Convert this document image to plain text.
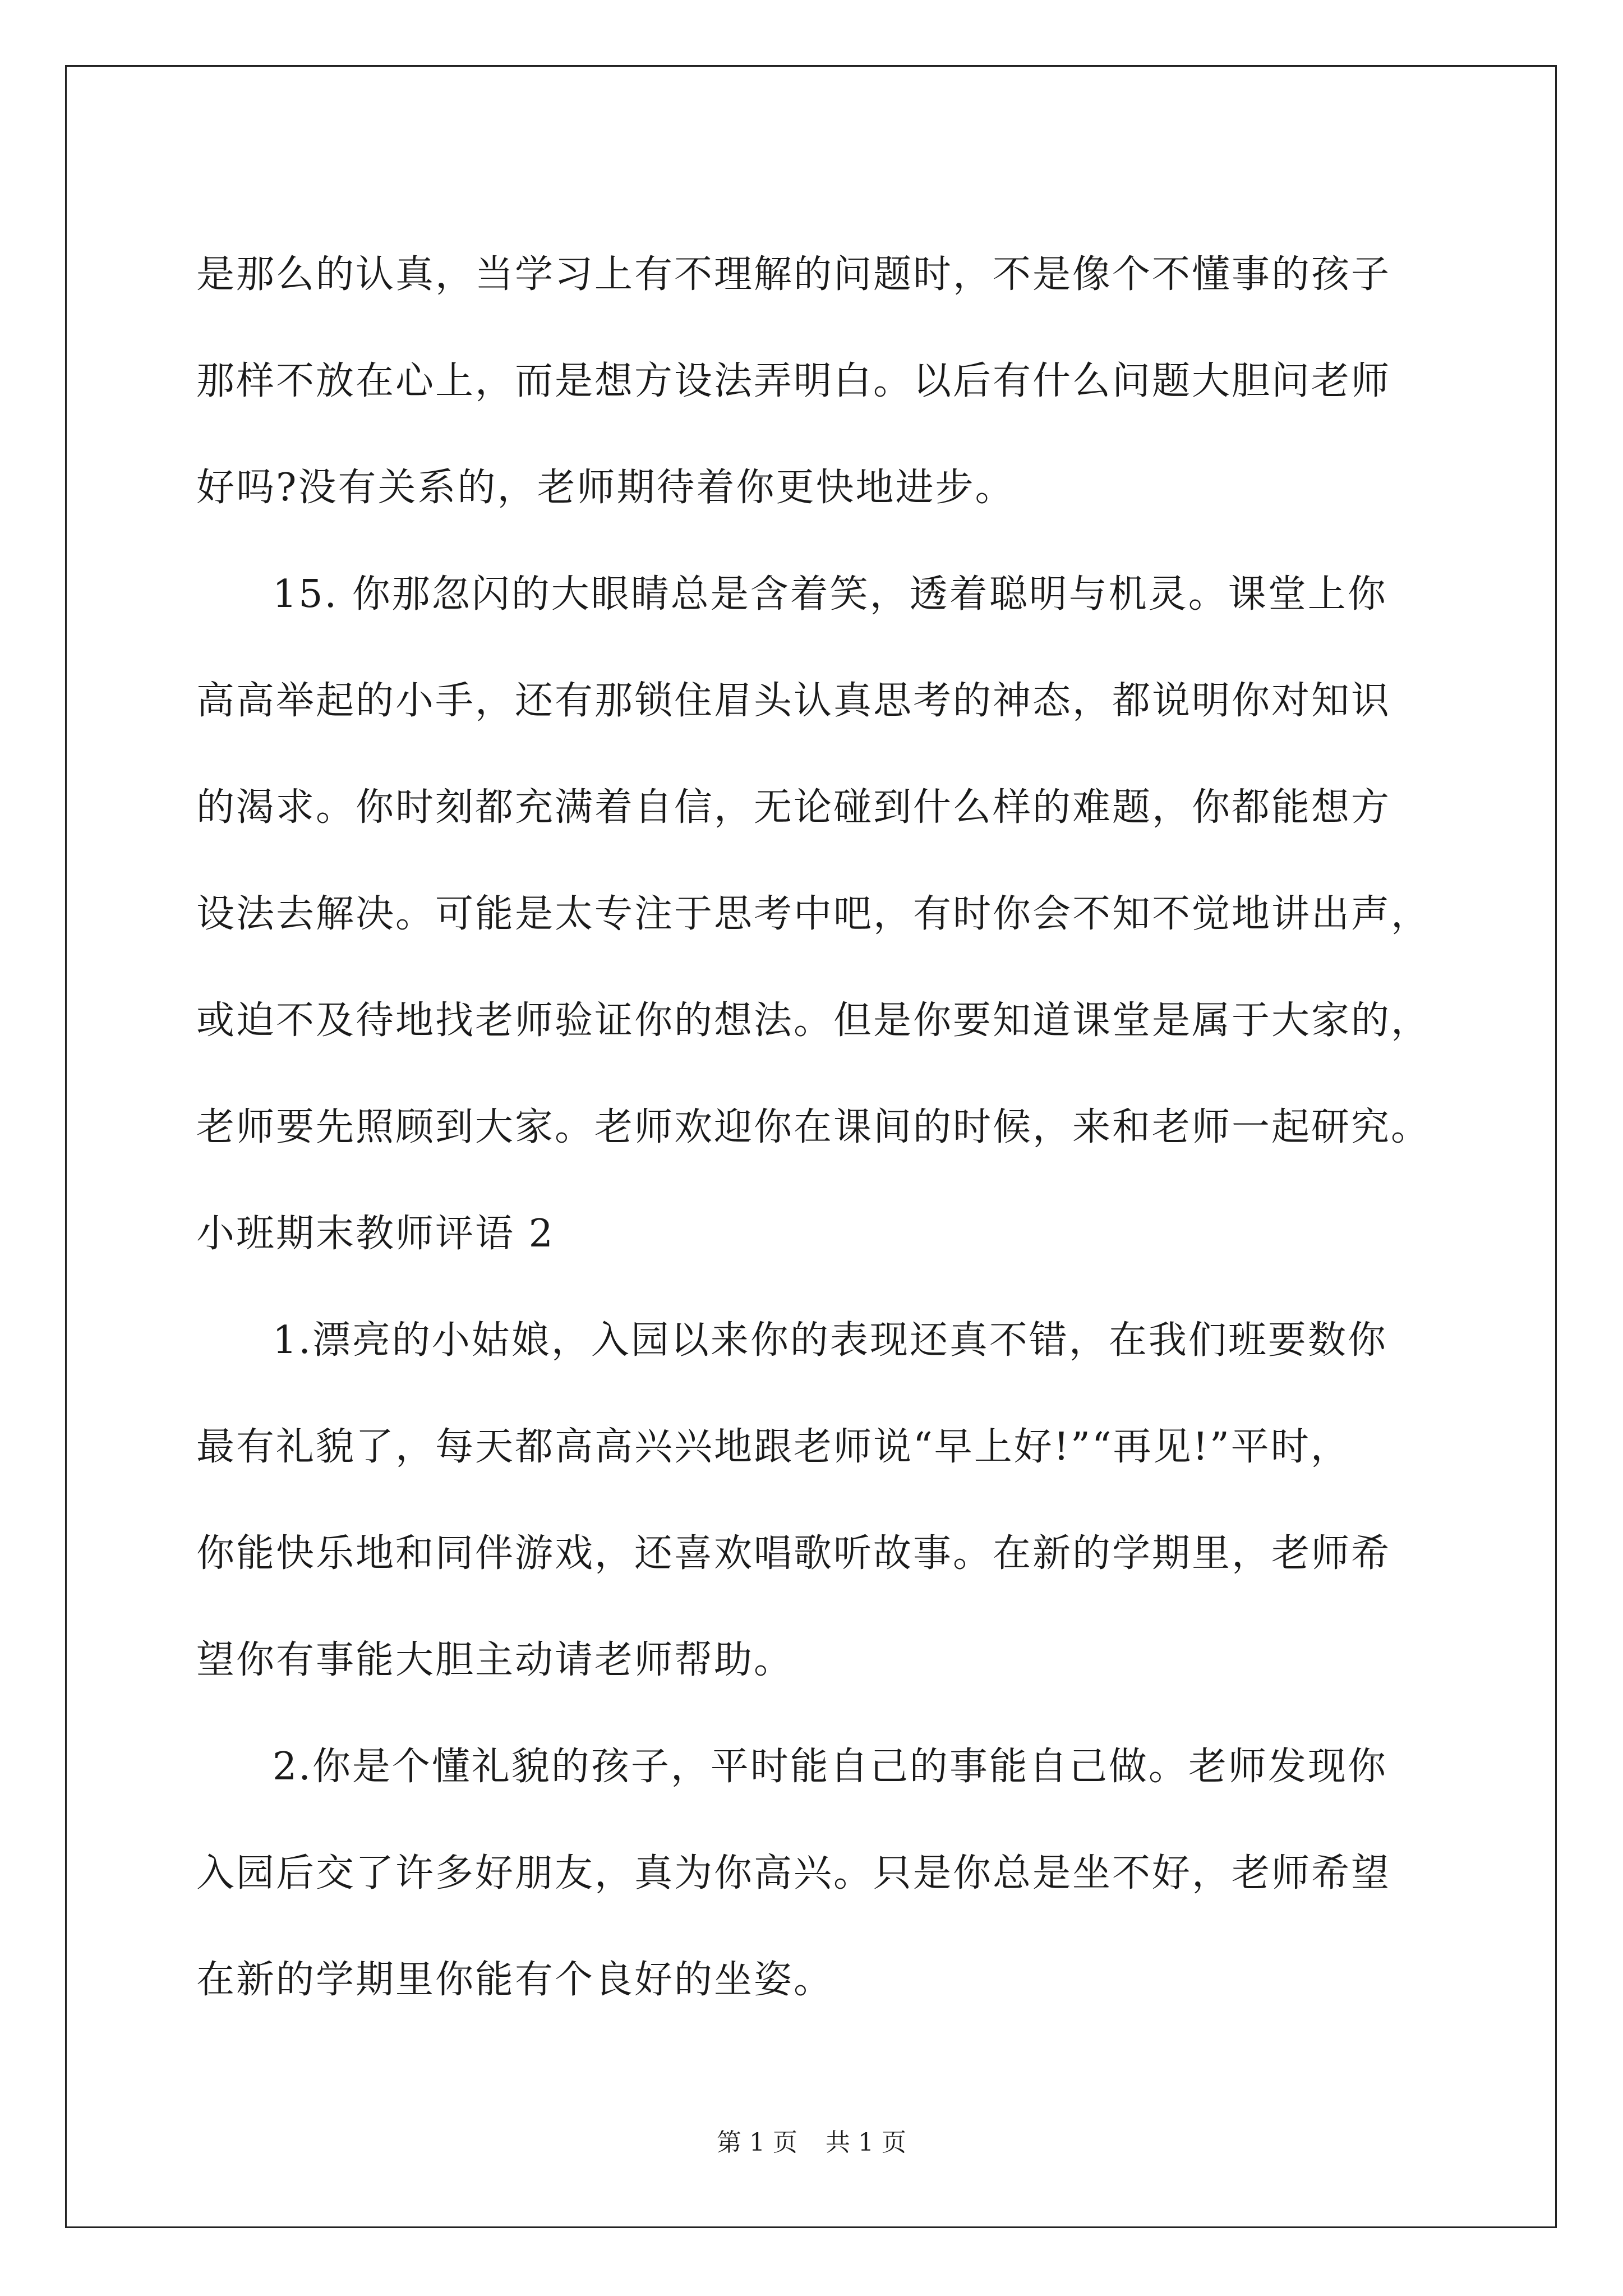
是那么的认真，当学习上有不理解的问题时，不是像个不懂事的孩子

那样不放在心上，而是想方设法弄明白。以后有什么问题大胆问老师

好吗?没有关系的，老师期待着你更快地进步。

15. 你那忽闪的大眼睛总是含着笑，透着聪明与机灵。课堂上你

高高举起的小手，还有那锁住眉头认真思考的神态，都说明你对知识

的渴求。你时刻都充满着自信，无论碰到什么样的难题，你都能想方

设法去解决。可能是太专注于思考中吧，有时你会不知不觉地讲出声，

或迫不及待地找老师验证你的想法。但是你要知道课堂是属于大家的，

老师要先照顾到大家。老师欢迎你在课间的时候，来和老师一起研究。

小班期末教师评语 2

1.漂亮的小姑娘，入园以来你的表现还真不错，在我们班要数你

最有礼貌了，每天都高高兴兴地跟老师说“早上好!”“再见!”平时，

你能快乐地和同伴游戏，还喜欢唱歌听故事。在新的学期里，老师希

望你有事能大胆主动请老师帮助。

2.你是个懂礼貌的孩子，平时能自己的事能自己做。老师发现你

入园后交了许多好朋友，真为你高兴。只是你总是坐不好，老师希望

在新的学期里你能有个良好的坐姿。

第 1 页 共 1 页
